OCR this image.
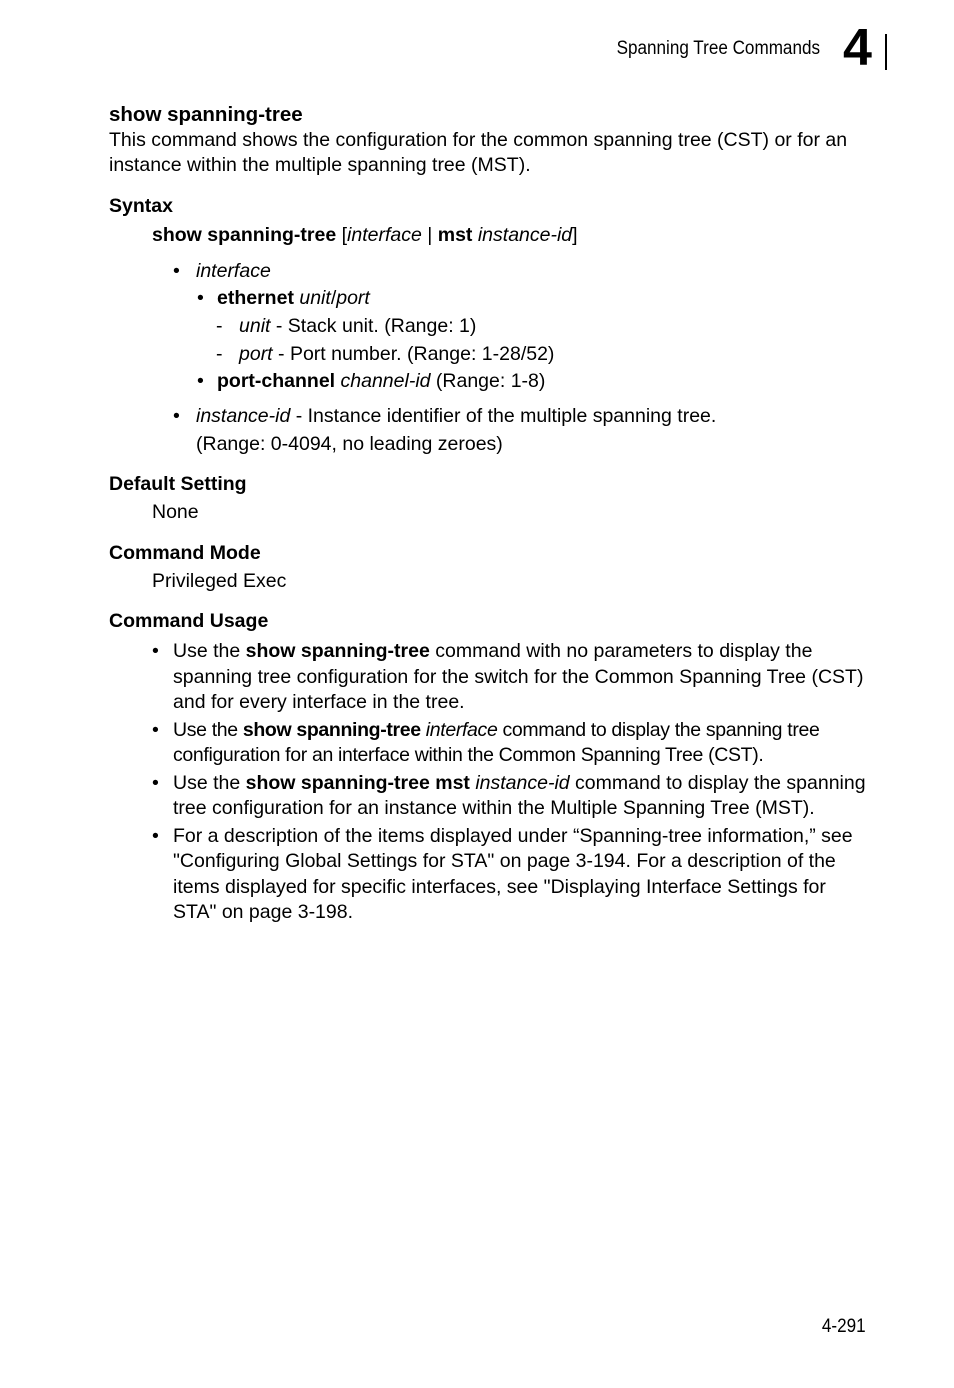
Spanning Tree Commands 4
show spanning-tree

This command shows the configuration for the common spanning tree (CST) or for an instance within the multiple spanning tree (MST).

Syntax
show spanning-tree [interface | mst instance-id]
• interface
• ethernet unit/port
- unit - Stack unit. (Range: 1)
- port - Port number. (Range: 1-28/52)
• port-channel channel-id (Range: 1-8)
• instance-id - Instance identifier of the multiple spanning tree.
(Range: 0-4094, no leading zeroes)
Default Setting
None
Command Mode
Privileged Exec
Command Usage
• Use the show spanning-tree command with no parameters to display the spanning tree configuration for the switch for the Common Spanning Tree (CST) and for every interface in the tree.
• Use the show spanning-tree interface command to display the spanning tree configuration for an interface within the Common Spanning Tree (CST).
• Use the show spanning-tree mst instance-id command to display the spanning tree configuration for an instance within the Multiple Spanning Tree (MST).
• For a description of the items displayed under “Spanning-tree information,” see "Configuring Global Settings for STA" on page 3-194. For a description of the items displayed for specific interfaces, see "Displaying Interface Settings for STA" on page 3-198.
4-291
